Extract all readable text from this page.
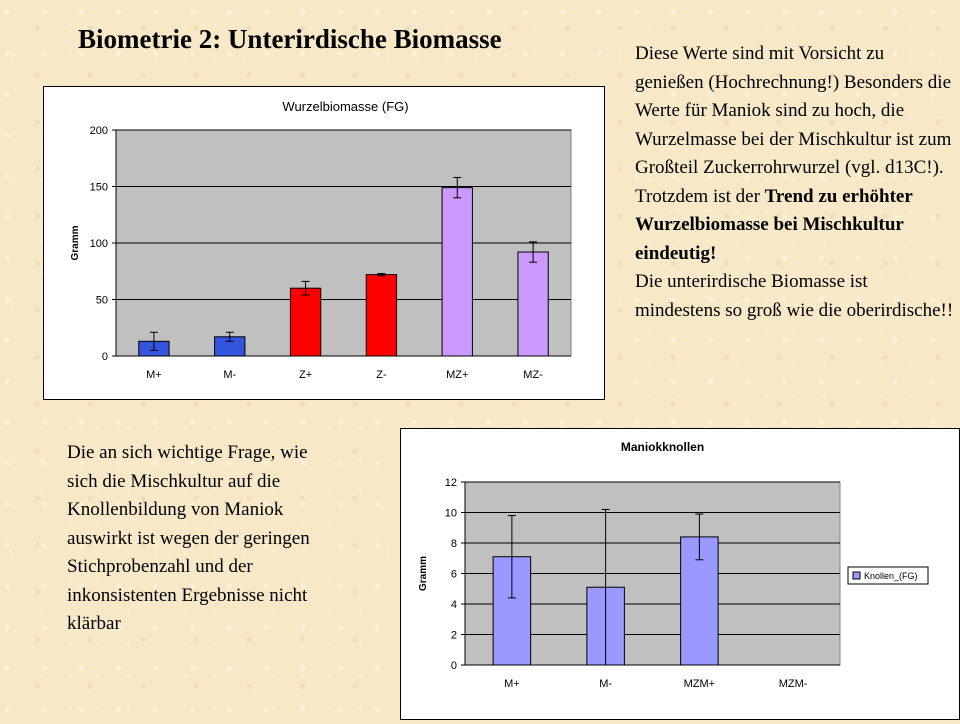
Biometrie 2: Unterirdische Biomasse	Diese Werte sind mit Vorsicht zu genießen (Hochrechnung!) Besonders die Werte für Maniok sind zu hoch, die Wurzelmasse bei der Mischkultur ist zum Großteil Zuckerrohrwurzel (vgl. d13C!).
Trotzdem ist der Trend zu erhöhter Wurzelbiomasse bei Mischkultur eindeutig!
Die unterirdische Biomasse ist mindestens so groß wie die oberirdische!!
Die an sich wichtige Frage, wie sich die Mischkultur auf die Knollenbildung von Maniok auswirkt ist wegen der geringen Stichprobenzahl und der inkonsistenten Ergebnisse nicht klärbar
Wurzelbiomasse (FG)
0
50
100
150
200
Gramm
M+	M-	Z+	Z-	MZ+	MZ-
Maniokknollen
0
2
4
6
8
10
12
Gramm
M+	M-	MZM+	MZM-
Knollen_(FG)
